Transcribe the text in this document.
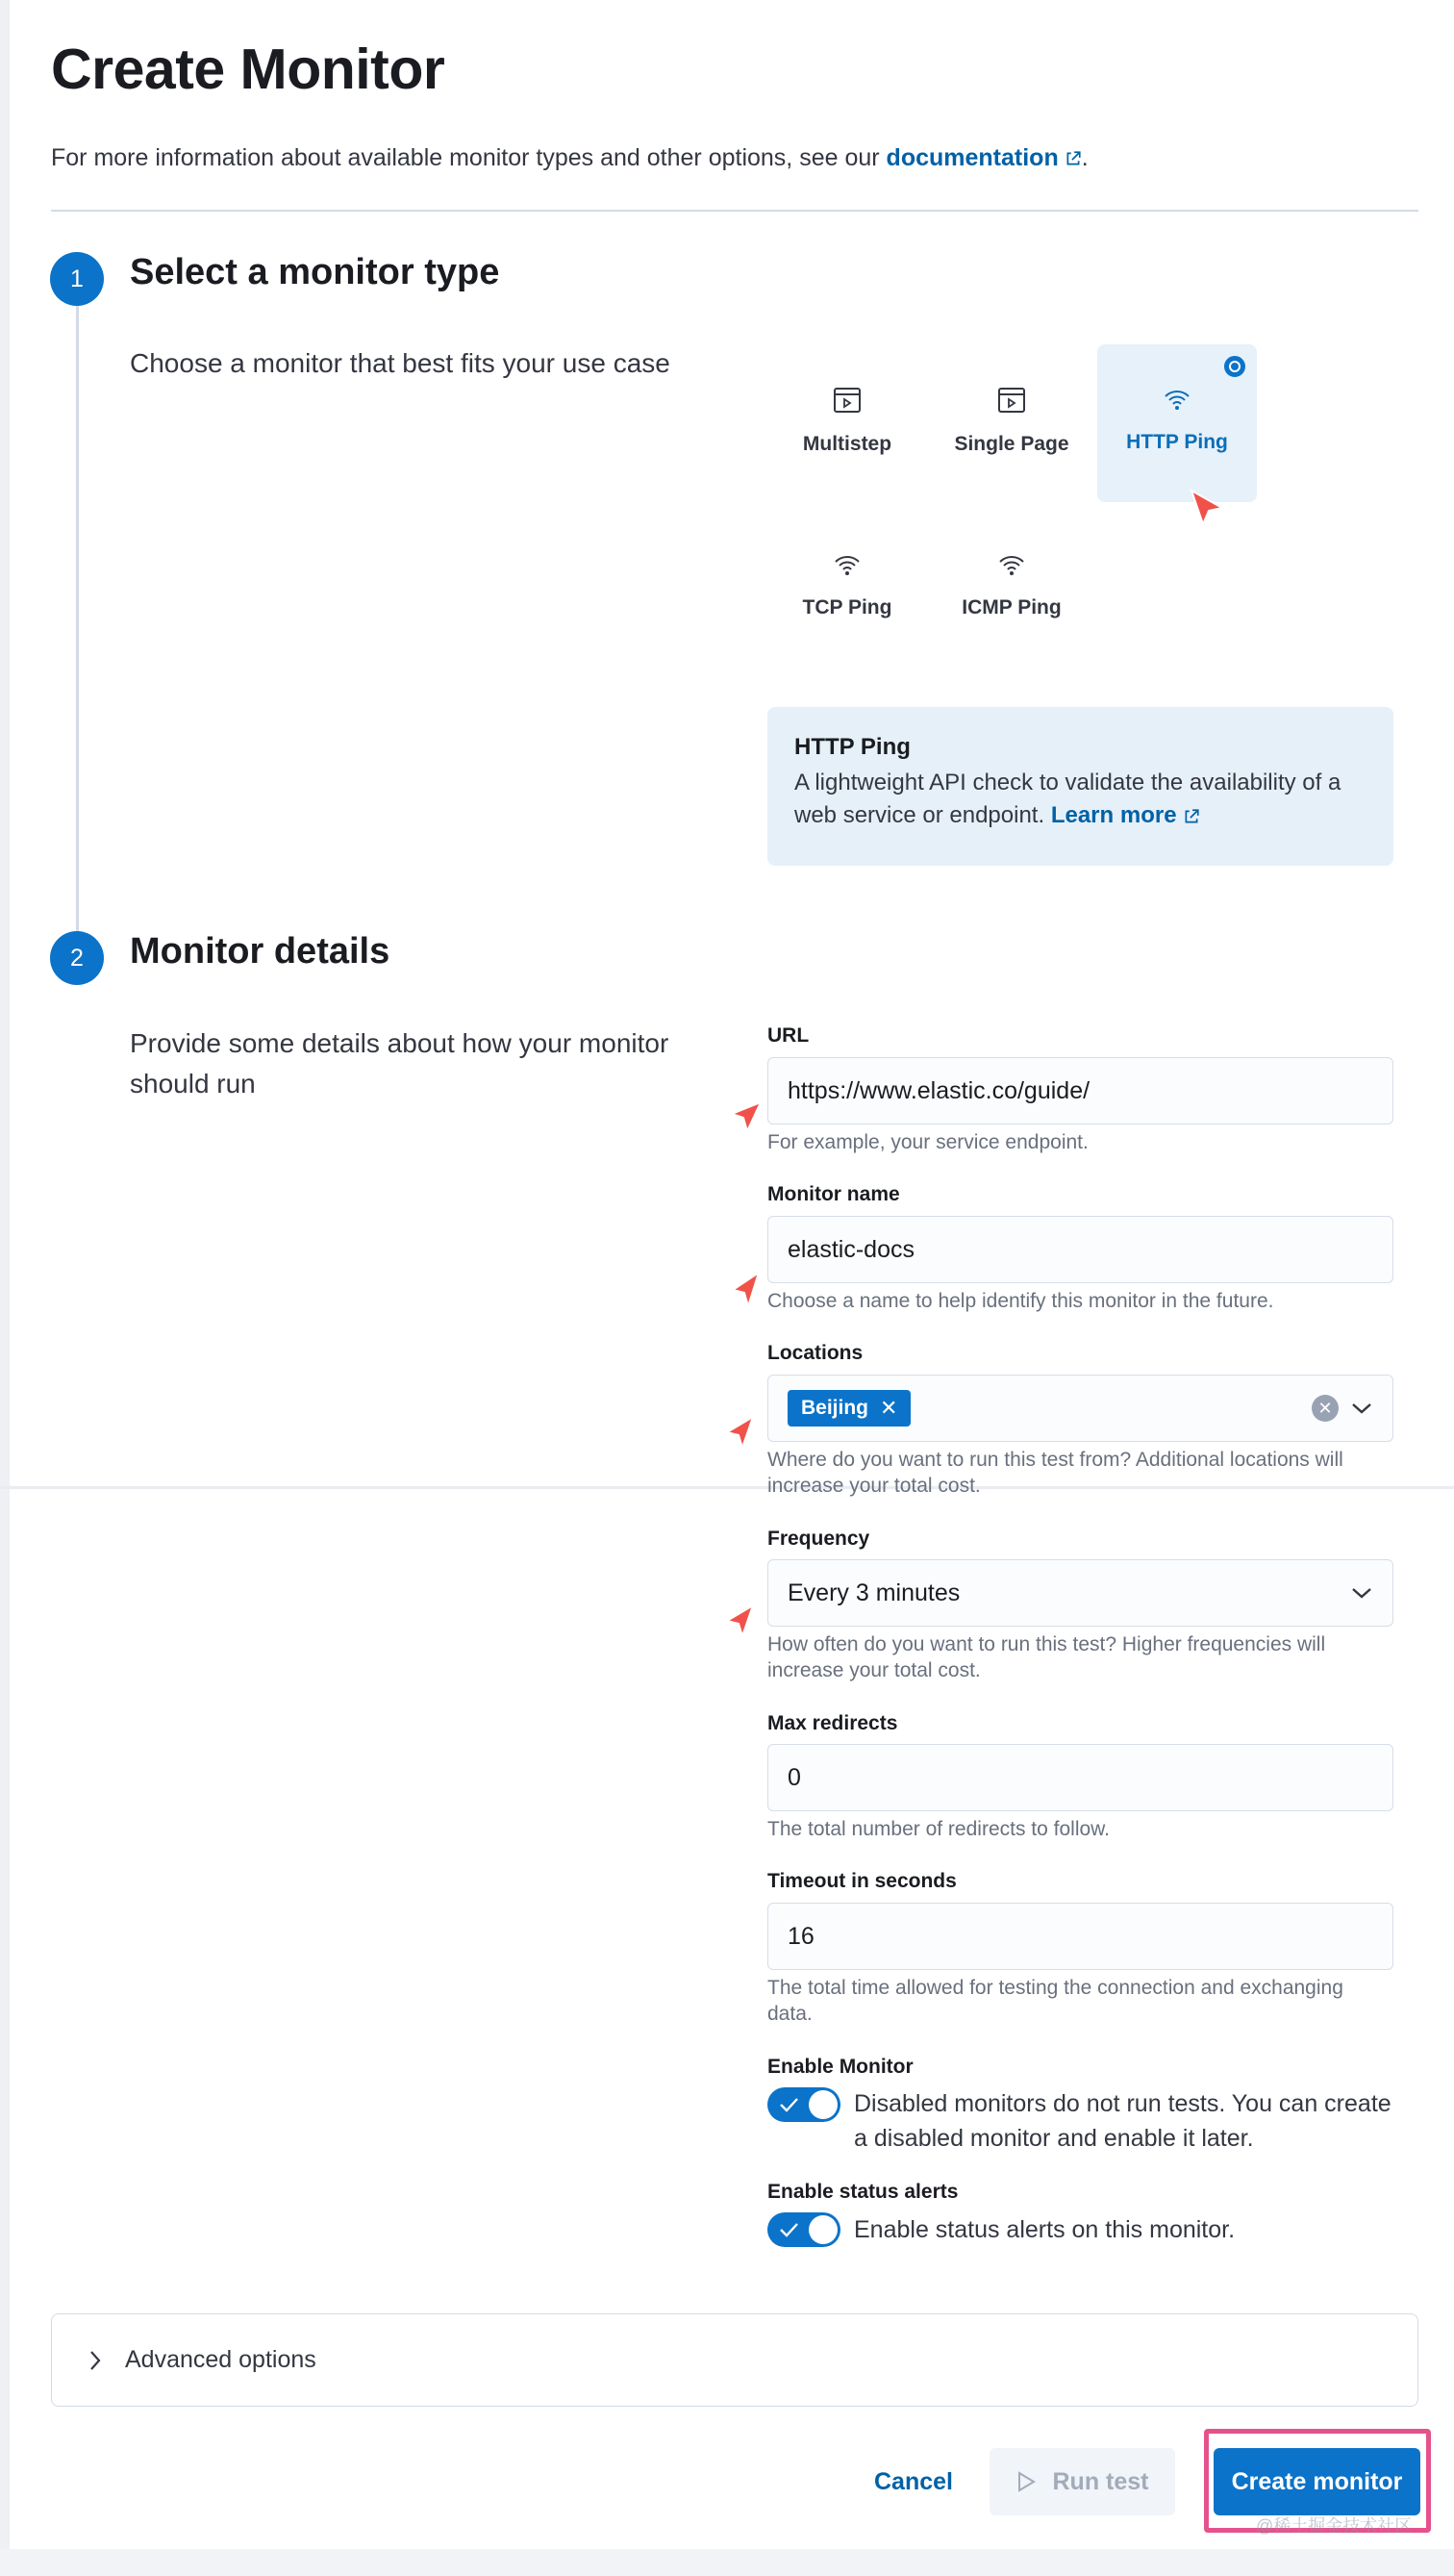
Create Monitor
For more information about available monitor types and other options, see our documentation .
1	Select a monitor type
Choose a monitor that best fits your use case
Multistep	Single Page	HTTP Ping
TCP Ping	ICMP Ping
HTTP Ping
A lightweight API check to validate the availability of a web service or endpoint. Learn more
2	Monitor details
Provide some details about how your monitor should run
URL
https://www.elastic.co/guide/
For example, your service endpoint.
Monitor name
elastic-docs
Choose a name to help identify this monitor in the future.
Locations
Beijing ✕	✕
Where do you want to run this test from? Additional locations will increase your total cost.
Frequency
Every 3 minutes
How often do you want to run this test? Higher frequencies will increase your total cost.
Max redirects
0
The total number of redirects to follow.
Timeout in seconds
16
The total time allowed for testing the connection and exchanging data.
Enable Monitor
Disabled monitors do not run tests. You can create a disabled monitor and enable it later.
Enable status alerts
Enable status alerts on this monitor.
Advanced options
Cancel	Run test	Create monitor
@稀土掘金技术社区
